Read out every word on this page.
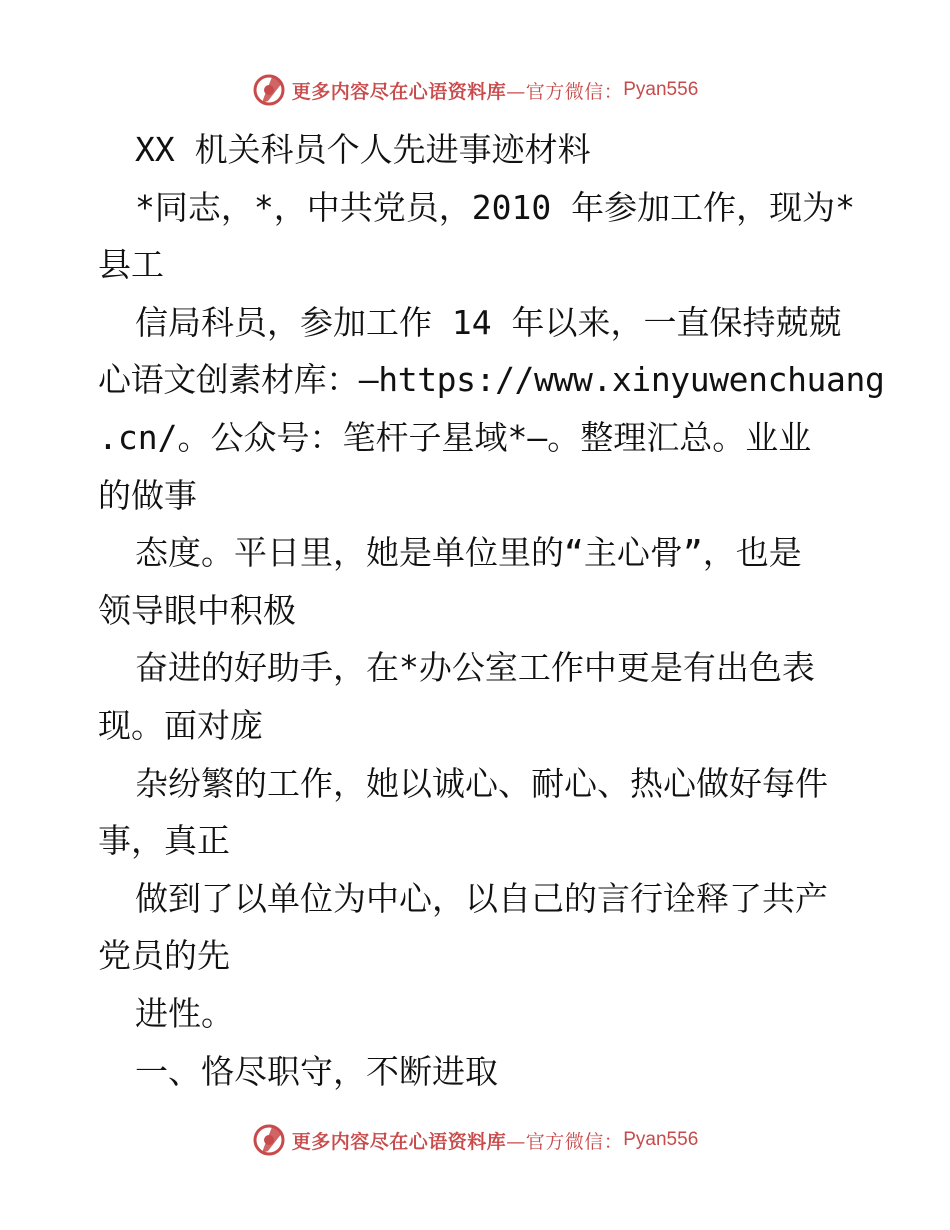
更多内容尽在心语资料库 —官方微信： Pyan556
XX 机关科员个人先进事迹材料
*同志，*，中共党员，2010 年参加工作，现为*
县工
信局科员，参加工作 14 年以来，一直保持兢兢
心语文创素材库：—https://www.xinyuwenchuang
.cn/。公众号：笔杆子星域*—。整理汇总。业业
的做事
态度。平日里，她是单位里的“主心骨”，也是
领导眼中积极
奋进的好助手，在*办公室工作中更是有出色表
现。面对庞
杂纷繁的工作，她以诚心、耐心、热心做好每件
事，真正
做到了以单位为中心，以自己的言行诠释了共产
党员的先
进性。
一、恪尽职守，不断进取
更多内容尽在心语资料库 —官方微信： Pyan556
